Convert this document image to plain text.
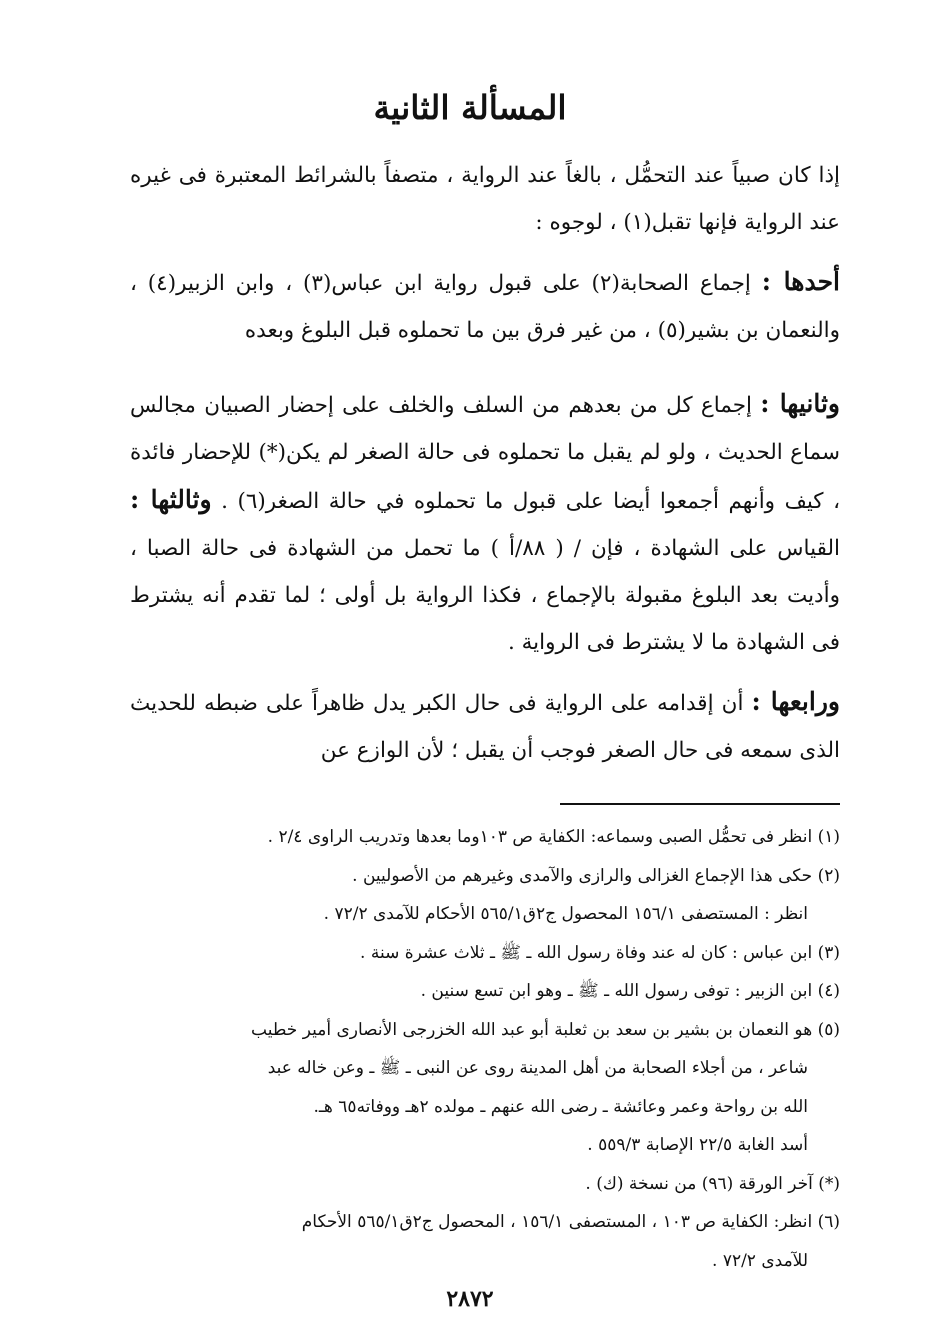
المسألة الثانية

إذا كان صبياً عند التحمُّل ، بالغاً عند الرواية ، متصفاً بالشرائط المعتبرة فى غيره عند الرواية فإنها تقبل(١) ، لوجوه :

أحدها : إجماع الصحابة(٢) على قبول رواية ابن عباس(٣) ، وابن الزبير(٤) ، والنعمان بن بشير(٥) ، من غير فرق بين ما تحملوه قبل البلوغ وبعده

وثانيها : إجماع كل من بعدهم من السلف والخلف على إحضار الصبيان مجالس سماع الحديث ، ولو لم يقبل ما تحملوه فى حالة الصغر لم يكن(*) للإحضار فائدة ، كيف وأنهم أجمعوا أيضا على قبول ما تحملوه في حالة الصغر(٦) . وثالثها : القياس على الشهادة ، فإن / ( ٨٨/أ ) ما تحمل من الشهادة فى حالة الصبا ، وأديت بعد البلوغ مقبولة بالإجماع ، فكذا الرواية بل أولى ؛ لما تقدم أنه يشترط فى الشهادة ما لا يشترط فى الرواية .

ورابعها : أن إقدامه على الرواية فى حال الكبر يدل ظاهراً على ضبطه للحديث الذى سمعه فى حال الصغر فوجب أن يقبل ؛ لأن الوازع عن

(١) انظر فى تحمُّل الصبى وسماعه: الكفاية ص ١٠٣وما بعدها وتدريب الراوى ٢/٤ .

(٢) حكى هذا الإجماع الغزالى والرازى والآمدى وغيرهم من الأصوليين .

انظر : المستصفى ١٥٦/١ المحصول ج٢ق٥٦٥/١ الأحكام للآمدى ٧٢/٢ .

(٣) ابن عباس : كان له عند وفاة رسول الله ـ ﷺ ـ ثلاث عشرة سنة .

(٤) ابن الزبير : توفى رسول الله ـ ﷺ ـ وهو ابن تسع سنين .

(٥) هو النعمان بن بشير بن سعد بن ثعلبة أبو عبد الله الخزرجى الأنصارى أمير خطيب

شاعر ، من أجلاء الصحابة من أهل المدينة روى عن النبى ـ ﷺ ـ وعن خاله عبد

الله بن رواحة وعمر وعائشة ـ رضى الله عنهم ـ مولده ٢هـ ووفاته٦٥ هـ.

أسد الغابة ٢٢/٥ الإصابة ٥٥٩/٣ .

(*) آخر الورقة (٩٦) من نسخة (ك) .

(٦) انظر: الكفاية ص ١٠٣ ، المستصفى ١٥٦/١ ، المحصول ج٢ق٥٦٥/١ الأحكام

للآمدى ٧٢/٢ .

٢٨٧٢
